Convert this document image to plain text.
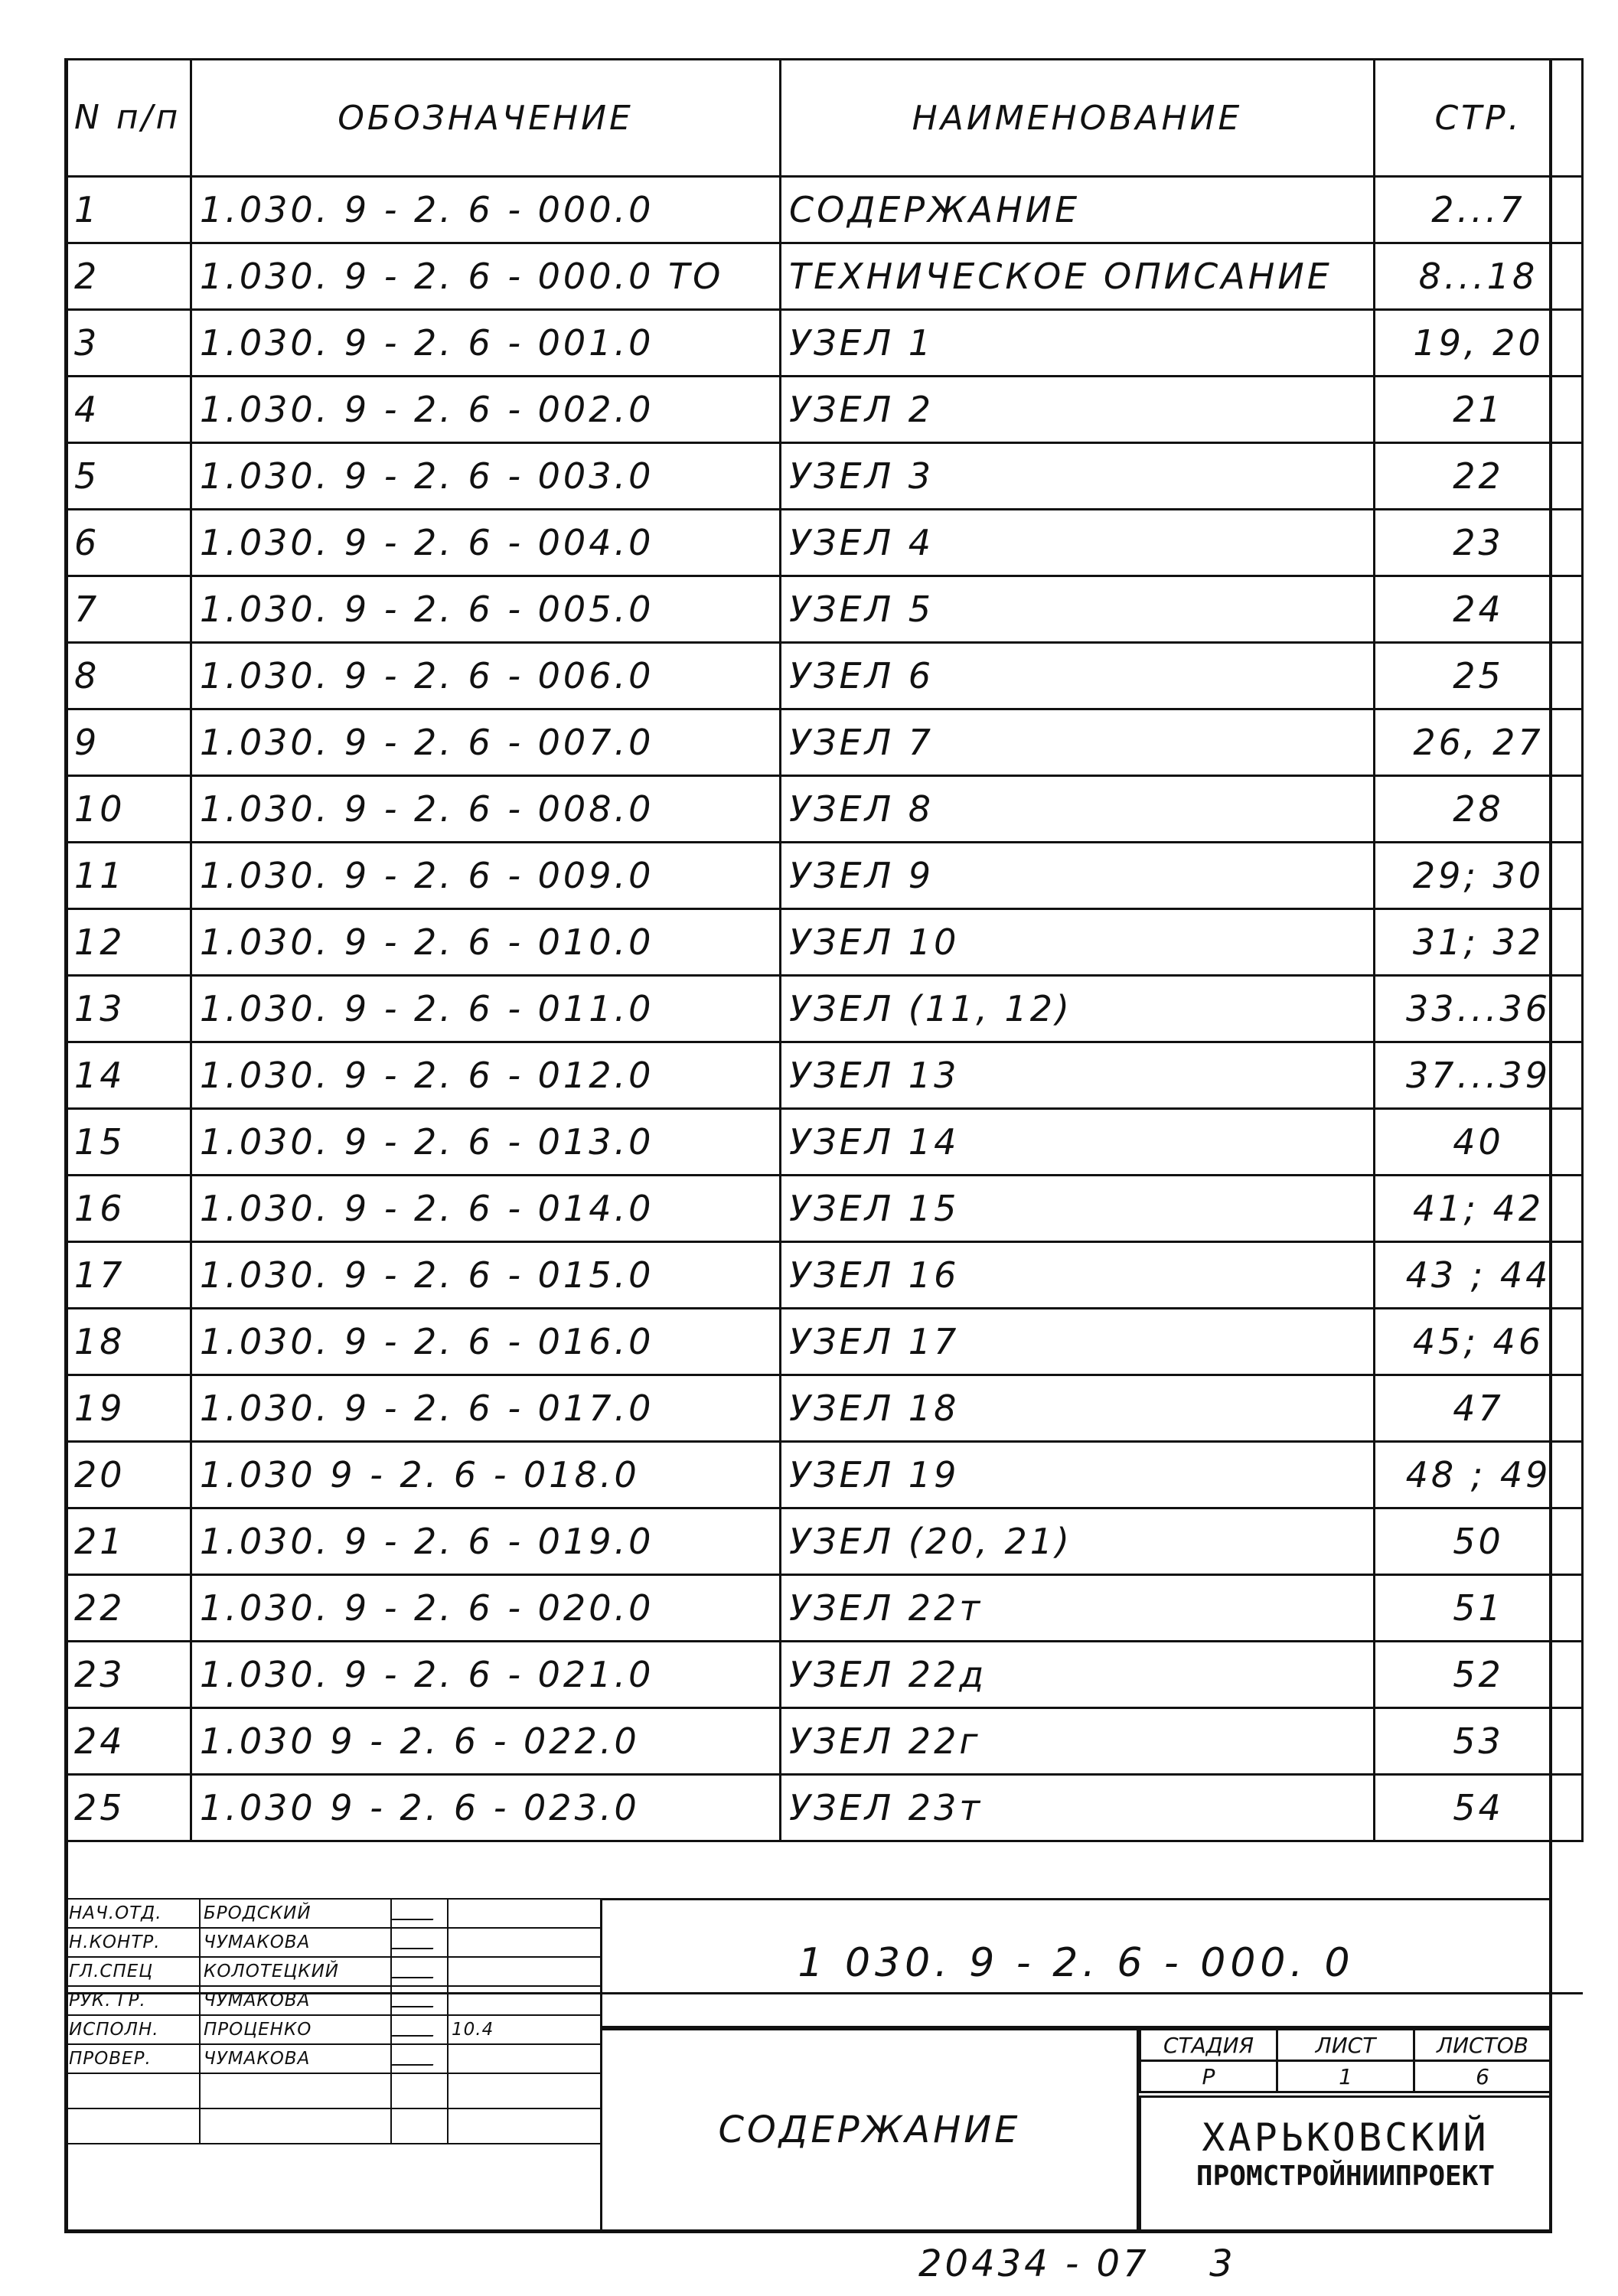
N п/п	ОБОЗНАЧЕНИЕ	НАИМЕНОВАНИЕ	СТР.
1	1.030. 9 - 2. 6 - 000.0	СОДЕРЖАНИЕ	2...7
2	1.030. 9 - 2. 6 - 000.0 ТО	ТЕХНИЧЕСКОЕ ОПИСАНИЕ	8...18
3	1.030. 9 - 2. 6 - 001.0	УЗЕЛ 1	19, 20
4	1.030. 9 - 2. 6 - 002.0	УЗЕЛ 2	21
5	1.030. 9 - 2. 6 - 003.0	УЗЕЛ 3	22
6	1.030. 9 - 2. 6 - 004.0	УЗЕЛ 4	23
7	1.030. 9 - 2. 6 - 005.0	УЗЕЛ 5	24
8	1.030. 9 - 2. 6 - 006.0	УЗЕЛ 6	25
9	1.030. 9 - 2. 6 - 007.0	УЗЕЛ 7	26, 27
10	1.030. 9 - 2. 6 - 008.0	УЗЕЛ 8	28
11	1.030. 9 - 2. 6 - 009.0	УЗЕЛ 9	29; 30
12	1.030. 9 - 2. 6 - 010.0	УЗЕЛ 10	31; 32
13	1.030. 9 - 2. 6 - 011.0	УЗЕЛ (11, 12)	33...36
14	1.030. 9 - 2. 6 - 012.0	УЗЕЛ 13	37...39
15	1.030. 9 - 2. 6 - 013.0	УЗЕЛ 14	40
16	1.030. 9 - 2. 6 - 014.0	УЗЕЛ 15	41; 42
17	1.030. 9 - 2. 6 - 015.0	УЗЕЛ 16	43 ; 44
18	1.030. 9 - 2. 6 - 016.0	УЗЕЛ 17	45; 46
19	1.030. 9 - 2. 6 - 017.0	УЗЕЛ 18	47
20	1.030 9 - 2. 6 - 018.0	УЗЕЛ 19	48 ; 49
21	1.030. 9 - 2. 6 - 019.0	УЗЕЛ (20, 21)	50
22	1.030. 9 - 2. 6 - 020.0	УЗЕЛ 22т	51
23	1.030. 9 - 2. 6 - 021.0	УЗЕЛ 22д	52
24	1.030 9 - 2. 6 - 022.0	УЗЕЛ 22г	53
25	1.030 9 - 2. 6 - 023.0	УЗЕЛ 23т	54

НАЧ.ОТД.	БРОДСКИЙ		
Н.КОНТР.	ЧУМАКОВА		
ГЛ.СПЕЦ	КОЛОТЕЦКИЙ		
РУК. ГР.	ЧУМАКОВА		
ИСПОЛН.	ПРОЦЕНКО		10.4
ПРОВЕР.	ЧУМАКОВА		

1 030. 9 - 2. 6 - 000. 0
СОДЕРЖАНИЕ
СТАДИЯ	ЛИСТ	ЛИСТОВ
Р	1	6
ХАРЬКОВСКИЙ
ПРОМСТРОЙНИИПРОЕКТ
20434 - 07 3
